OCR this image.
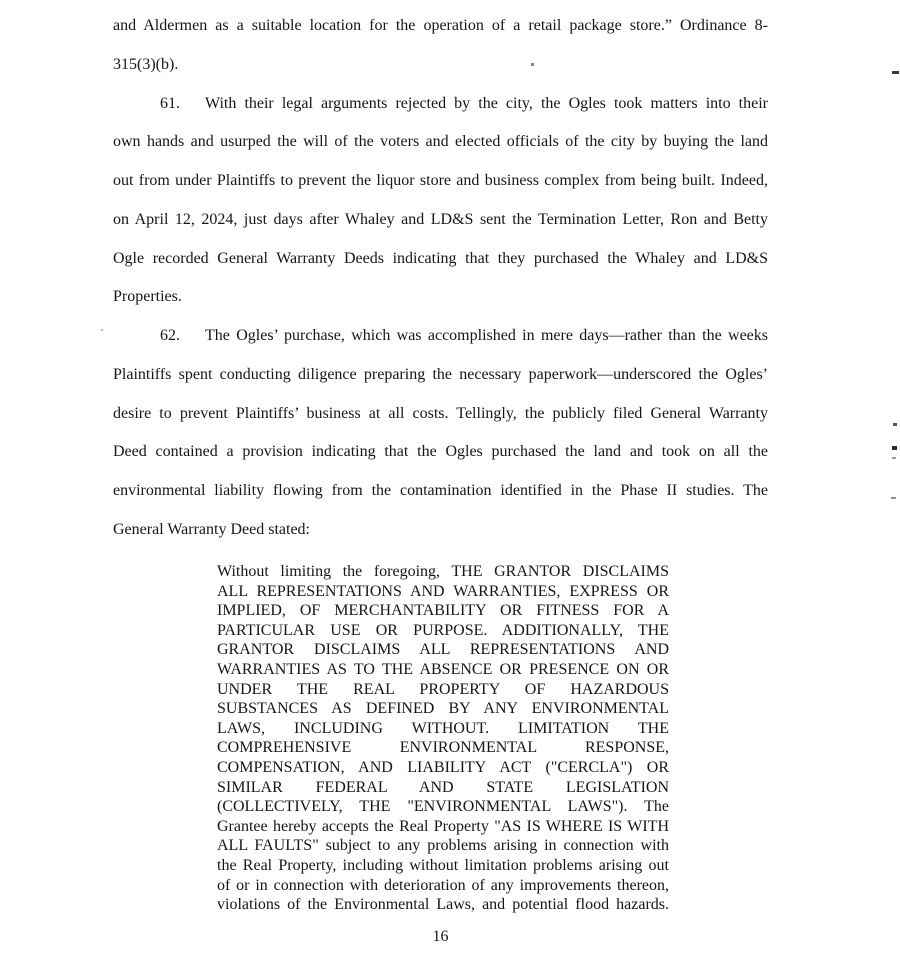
and Aldermen as a suitable location for the operation of a retail package store.” Ordinance 8-
315(3)(b).
61. With their legal arguments rejected by the city, the Ogles took matters into their
own hands and usurped the will of the voters and elected officials of the city by buying the land
out from under Plaintiffs to prevent the liquor store and business complex from being built. Indeed,
on April 12, 2024, just days after Whaley and LD&S sent the Termination Letter, Ron and Betty
Ogle recorded General Warranty Deeds indicating that they purchased the Whaley and LD&S
Properties.
62. The Ogles’ purchase, which was accomplished in mere days—rather than the weeks
Plaintiffs spent conducting diligence preparing the necessary paperwork—underscored the Ogles’
desire to prevent Plaintiffs’ business at all costs. Tellingly, the publicly filed General Warranty
Deed contained a provision indicating that the Ogles purchased the land and took on all the
environmental liability flowing from the contamination identified in the Phase II studies. The
General Warranty Deed stated:
Without limiting the foregoing, THE GRANTOR DISCLAIMS
ALL REPRESENTATIONS AND WARRANTIES, EXPRESS OR
IMPLIED, OF MERCHANTABILITY OR FITNESS FOR A
PARTICULAR USE OR PURPOSE. ADDITIONALLY, THE
GRANTOR DISCLAIMS ALL REPRESENTATIONS AND
WARRANTIES AS TO THE ABSENCE OR PRESENCE ON OR
UNDER THE REAL PROPERTY OF HAZARDOUS
SUBSTANCES AS DEFINED BY ANY ENVIRONMENTAL
LAWS, INCLUDING WITHOUT. LIMITATION THE
COMPREHENSIVE ENVIRONMENTAL RESPONSE,
COMPENSATION, AND LIABILITY ACT ("CERCLA") OR
SIMILAR FEDERAL AND STATE LEGISLATION
(COLLECTIVELY, THE "ENVIRONMENTAL LAWS"). The
Grantee hereby accepts the Real Property "AS IS WHERE IS WITH
ALL FAULTS" subject to any problems arising in connection with
the Real Property, including without limitation problems arising out
of or in connection with deterioration of any improvements thereon,
violations of the Environmental Laws, and potential flood hazards.
16
